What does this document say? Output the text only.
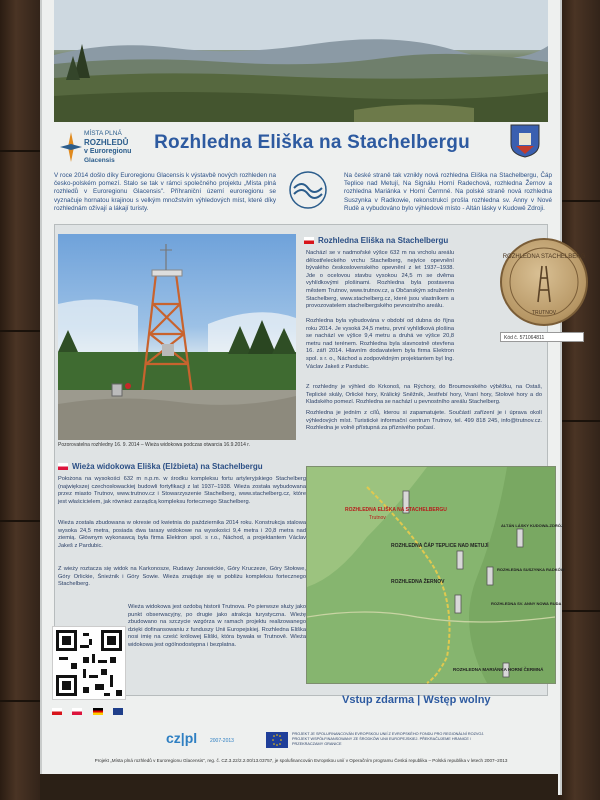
MÍSTA PLNÁ
ROZHLEDŮ
v Euroregionu
Glacensis
Rozhledna Eliška na Stachelbergu
V roce 2014 došlo díky Euroregionu Glacensis k výstavbě nových rozhleden na česko-polském pomezí. Stalo se tak v rámci společného projektu „Místa plná rozhledů v Euroregionu Glacensis". Příhraniční území euroregionu se vyznačuje hornatou krajinou s velkým množstvím výhledových míst, které díky rozhlednám ožívají a lákají turisty.
Na české straně tak vznikly nová rozhledna Eliška na Stachelbergu, Čáp Teplice nad Metují, Na Signálu Horní Radechová, rozhledna Žernov a rozhledna Mariánka v Horní Čermné. Na polské straně nová rozhledna Suszynka v Radkowie, rekonstrukcí prošla rozhledna sv. Anny v Nové Rudě a vybudováno bylo výhledové místo - Altán lásky v Kudowě Zdroji.
Pozorovatelna rozhledny 16. 9. 2014 – Wieża widokowa podczas otwarcia 16.9.2014 r.
Rozhledna Eliška na Stachelbergu
Nachází se v nadmořské výšce 632 m na vrcholu areálu dělostřeleckého vrchu Stachelberg, nejvíce opevnění bývalého československého opevnění z let 1937–1938. Jde o ocelovou stavbu vysokou 24,5 m se dvěma vyhlídkovými plošinami. Rozhledna byla postavena městem Trutnov, www.trutnov.cz, a Občanským sdružením Stachelberg, www.stachelberg.cz, které jsou vlastníkem a provozovatelem stachelbergského pevnostního areálu.
Rozhledna byla vybudována v období od dubna do října roku 2014. Je vysoká 24,5 metru, první vyhlídková plošina se nachází ve výšce 9,4 metru a druhá ve výšce 20,8 metru nad terénem. Rozhledna byla slavnostně otevřena 16. září 2014. Hlavním dodavatelem byla firma Elektron spol. s r. o., Náchod a zodpovědným projektantem byl Ing. Václav Jakeš z Pardubic.
Z rozhledny je výhled do Krkonoš, na Rýchory, do Broumovského výběžku, na Ostaš, Teplické skály, Orlické hory, Králický Sněžník, Jestřebí hory, Vraní hory, Stolové hory a do Kladského pomezí. Rozhledna se nachází u pevnostního areálu Stachelberg.
Rozhledna je jedním z cílů, kterou si zapamatujete. Součástí zařízení je i úprava okolí výhledových míst. Turistické informační centrum Trutnov, tel. 499 818 245, info@trutnov.cz. Rozhledna je volně přístupná za příznivého počasí.
ROZHLEDNA STACHELBERG
TRUTNOV
Kód č. 571064811
Wieża widokowa Eliška (Elżbieta) na Stachelbergu
Położona na wysokości 632 m n.p.m. w środku kompleksu fortu artyleryjskiego Stachelberg (największej czechosłowackiej budowli fortyfikacji z lat 1937–1938. Wieża została wybudowana przez miasto Trutnov, www.trutnov.cz i Stowarzyszenie Stachelberg, www.stachelberg.cz, które jest właścicielem, jak również zarządcą kompleksu fortecznego Stachelberg.
Wieża została zbudowana w okresie od kwietnia do października 2014 roku. Konstrukcja stalowa wysoka 24,5 metra, posiada dwa tarasy widokowe na wysokości 9,4 metra i 20,8 metra nad ziemią. Głównym wykonawcą była firma Elektron spol. s r.o., Náchod, a projektantem Václav Jakeš z Pardubic.
Z wieży roztacza się widok na Karkonosze, Rudawy Janowickie, Góry Kruczeze, Góry Stołowe, Góry Orlickie, Śnieżnik i Góry Sowie. Wieża znajduje się w pobliżu kompleksu fortecznego Stachelberg.
Wieża widokowa jest ozdobą historii Trutnova. Po pierwsze służy jako punkt obserwacyjny, po drugie jako atrakcja turystyczna. Wieżę zbudowano na szczycie wzgórza w ramach projektu realizowanego dzięki dofinansowaniu z funduszy Unii Europejskiej. Rozhledna Eliška nosi imię na cześć królowej Eliški, która bywała w Trutnově. Wieża widokowa jest ogólnodostępna i bezpłatna.
ROZHLEDNA ELIŠKA NA STACHELBERGU
Trutnov
ROZHLEDNA ČÁP TEPLICE NAD METUJÍ
ALTÁN LÁSKY KUDOWA-ZDRÓJ
ROZHLEDNA ŽERNOV
ROZHLEDNA SUSZYNKA RADKÓW
ROZHLEDNA SV. ANNY NOWA RUDA
ROZHLEDNA MARIÁNKA HORNÍ ČERMNÁ

Vstup zdarma | Wstęp wolny
cz|pl	2007-2013
PROJEKT JE SPOLUFINANCOVÁN EVROPSKOU UNIÍ Z EVROPSKÉHO FONDU PRO REGIONÁLNÍ ROZVOJ. PROJEKT WSPÓŁFINANSOWANY ZE ŚRODKÓW UNII EUROPEJSKIEJ. PŘEKRAČUJEME HRANICE / PRZEKRACZAMY GRANICE
Projekt „Místa plná rozhledů v Euroregionu Glacensis", reg. č. CZ.3.22/2.2.00/13.03757, je spolufinancován Evropskou unií v Operačním programu Česká republika – Polská republika v letech 2007–2013
